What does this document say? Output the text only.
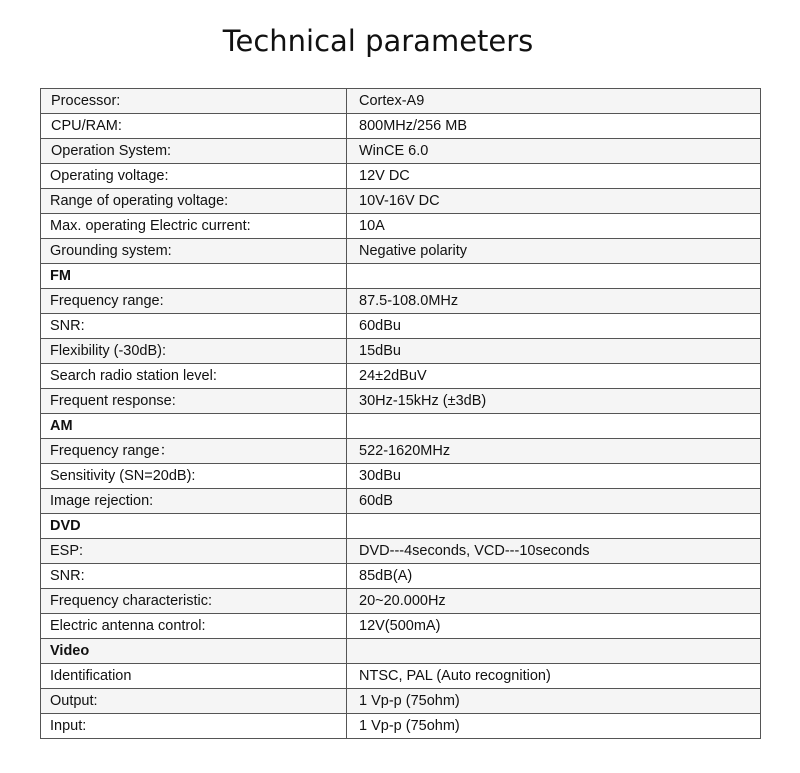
Technical parameters
Processor:	Cortex-A9
CPU/RAM:	800MHz/256 MB
Operation System:	WinCE 6.0
Operating voltage:	12V DC
Range of operating voltage:	10V-16V DC
Max. operating Electric current:	10A
Grounding system:	Negative polarity
FM	
Frequency range:	87.5-108.0MHz
SNR:	60dBu
Flexibility (-30dB):	15dBu
Search radio station level:	24±2dBuV
Frequent response:	30Hz-15kHz (±3dB)
AM	
Frequency range：	522-1620MHz
Sensitivity (SN=20dB):	30dBu
Image rejection:	60dB
DVD	
ESP:	DVD---4seconds, VCD---10seconds
SNR:	85dB(A)
Frequency characteristic:	20~20.000Hz
Electric antenna control:	12V(500mA)
Video	
Identification	NTSC, PAL (Auto recognition)
Output:	1 Vp-p (75ohm)
Input:	1 Vp-p (75ohm)
